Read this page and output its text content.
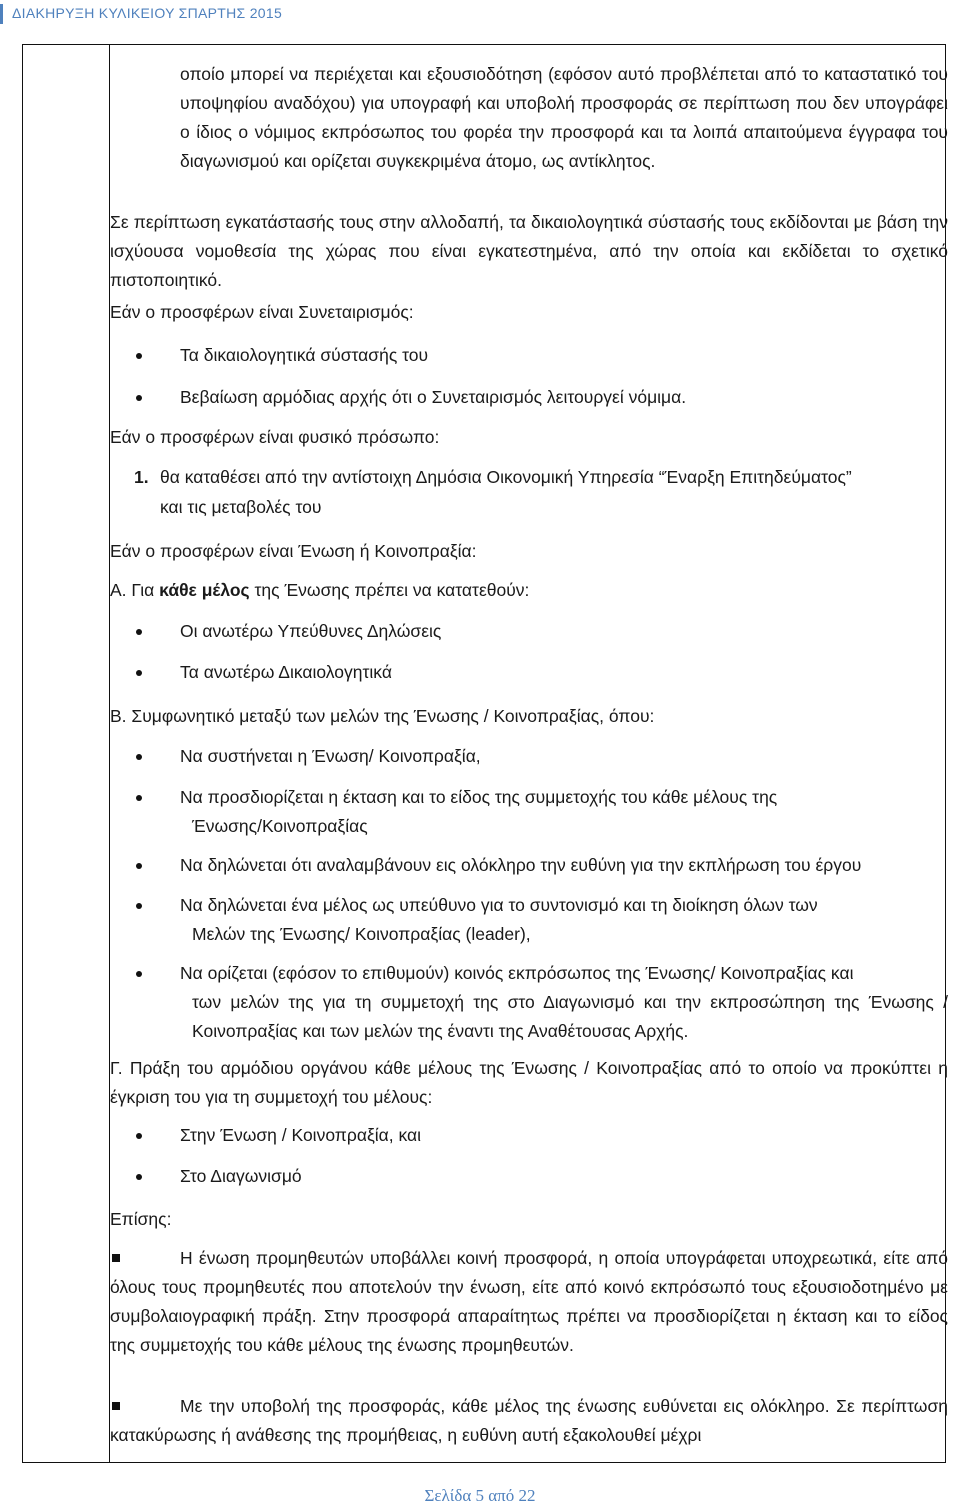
ΔΙΑΚΗΡΥΞΗ ΚΥΛΙΚΕΙΟΥ ΣΠΑΡΤΗΣ 2015
οποίο μπορεί να περιέχεται και εξουσιοδότηση (εφόσον αυτό προβλέπεται από το καταστατικό του υποψηφίου αναδόχου) για υπογραφή και υποβολή προσφοράς σε περίπτωση που δεν υπογράφει ο ίδιος ο νόμιμος εκπρόσωπος του φορέα την προσφορά και τα λοιπά απαιτούμενα έγγραφα του διαγωνισμού και ορίζεται συγκεκριμένα άτομο, ως αντίκλητος.
Σε περίπτωση εγκατάστασής τους στην αλλοδαπή, τα δικαιολογητικά σύστασής τους εκδίδονται με βάση την ισχύουσα νομοθεσία της χώρας που είναι εγκατεστημένα, από την οποία και εκδίδεται το σχετικό πιστοποιητικό.
Εάν ο προσφέρων είναι Συνεταιρισμός:
Τα δικαιολογητικά σύστασής του
Βεβαίωση αρμόδιας αρχής ότι ο Συνεταιρισμός λειτουργεί νόμιμα.
Εάν ο προσφέρων είναι φυσικό πρόσωπο:
1. θα καταθέσει από την αντίστοιχη Δημόσια Οικονομική Υπηρεσία “Έναρξη Επιτηδεύματος”
και τις μεταβολές του
Εάν ο προσφέρων είναι Ένωση ή Κοινοπραξία:
Α. Για κάθε μέλος της Ένωσης πρέπει να κατατεθούν:
Οι ανωτέρω Υπεύθυνες Δηλώσεις
Τα ανωτέρω Δικαιολογητικά
Β. Συμφωνητικό μεταξύ των μελών της Ένωσης / Κοινοπραξίας, όπου:
Να συστήνεται η Ένωση/ Κοινοπραξία,
Να προσδιορίζεται η έκταση και το είδος της συμμετοχής του κάθε μέλους της
Ένωσης/Κοινοπραξίας
Να δηλώνεται ότι αναλαμβάνουν εις ολόκληρο την ευθύνη για την εκπλήρωση του έργου
Να δηλώνεται ένα μέλος ως υπεύθυνο για το συντονισμό και τη διοίκηση όλων των
Μελών της Ένωσης/ Κοινοπραξίας (leader),
Να ορίζεται (εφόσον το επιθυμούν) κοινός εκπρόσωπος της Ένωσης/ Κοινοπραξίας και
των μελών της για τη συμμετοχή της στο Διαγωνισμό και την εκπροσώπηση της Ένωσης / Κοινοπραξίας και των μελών της έναντι της Αναθέτουσας Αρχής.
Γ. Πράξη του αρμόδιου οργάνου κάθε μέλους της Ένωσης / Κοινοπραξίας από το οποίο να προκύπτει η έγκριση του για τη συμμετοχή του μέλους:
Στην Ένωση / Κοινοπραξία, και
Στο Διαγωνισμό
Επίσης:
Η ένωση προμηθευτών υποβάλλει κοινή προσφορά, η οποία υπογράφεται υποχρεωτικά, είτε από όλους τους προμηθευτές που αποτελούν την ένωση, είτε από κοινό εκπρόσωπό τους εξουσιοδοτημένο με συμβολαιογραφική πράξη. Στην προσφορά απαραίτητως πρέπει να προσδιορίζεται η έκταση και το είδος της συμμετοχής του κάθε μέλους της ένωσης προμηθευτών.
Με την υποβολή της προσφοράς, κάθε μέλος της ένωσης ευθύνεται εις ολόκληρο. Σε περίπτωση κατακύρωσης ή ανάθεσης της προμήθειας, η ευθύνη αυτή εξακολουθεί μέχρι
Σελίδα 5 από 22
